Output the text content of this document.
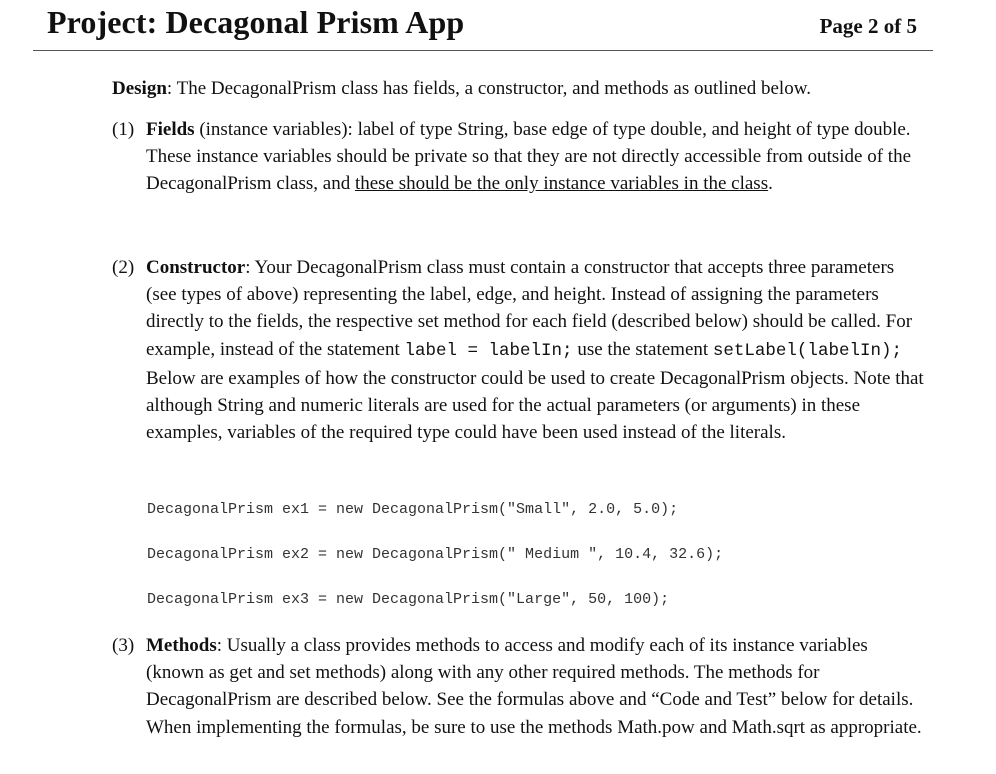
Project: Decagonal Prism App	Page 2 of 5
Design: The DecagonalPrism class has fields, a constructor, and methods as outlined below.
(1) Fields (instance variables): label of type String, base edge of type double, and height of type double. These instance variables should be private so that they are not directly accessible from outside of the DecagonalPrism class, and these should be the only instance variables in the class.
(2) Constructor: Your DecagonalPrism class must contain a constructor that accepts three parameters (see types of above) representing the label, edge, and height. Instead of assigning the parameters directly to the fields, the respective set method for each field (described below) should be called. For example, instead of the statement label = labelIn; use the statement setLabel(labelIn); Below are examples of how the constructor could be used to create DecagonalPrism objects. Note that although String and numeric literals are used for the actual parameters (or arguments) in these examples, variables of the required type could have been used instead of the literals.
DecagonalPrism ex1 = new DecagonalPrism("Small", 2.0, 5.0);
DecagonalPrism ex2 = new DecagonalPrism(" Medium ", 10.4, 32.6);
DecagonalPrism ex3 = new DecagonalPrism("Large", 50, 100);
(3) Methods: Usually a class provides methods to access and modify each of its instance variables (known as get and set methods) along with any other required methods. The methods for DecagonalPrism are described below. See the formulas above and “Code and Test” below for details. When implementing the formulas, be sure to use the methods Math.pow and Math.sqrt as appropriate.
